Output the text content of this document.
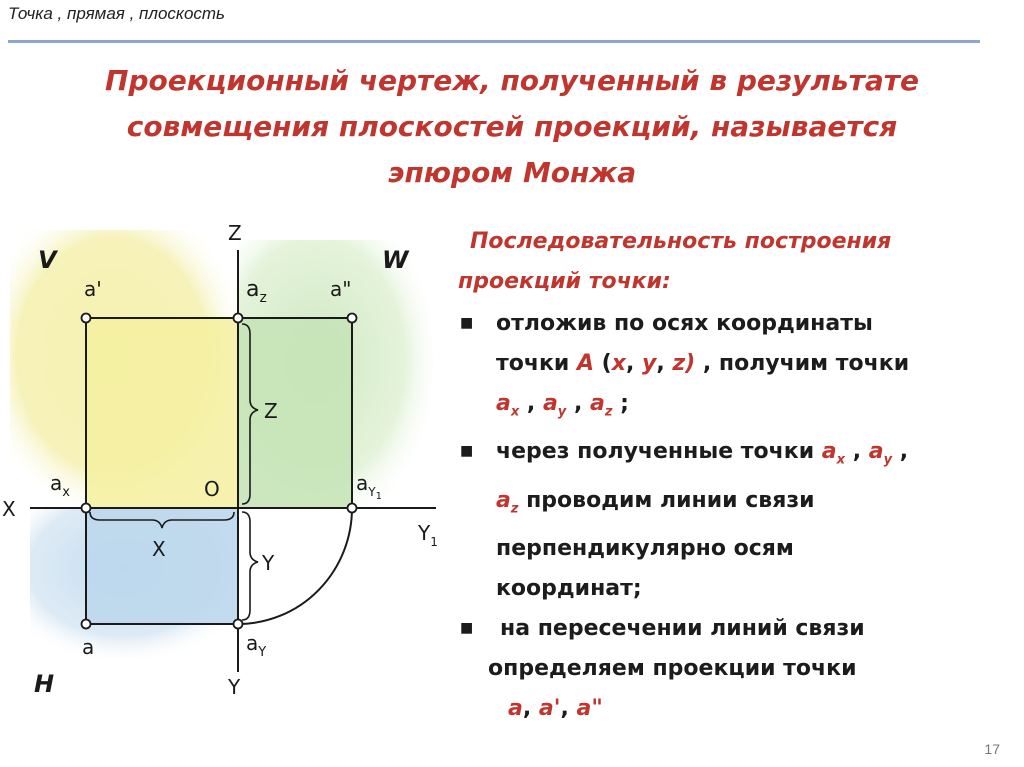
Точка , прямая , плоскость
Проекционный чертеж, полученный в результате
совмещения плоскостей проекций, называется
эпюром Монжа
V	W
H
Z
X
Y
$Y_1$
O
a'	a"
$a_z$
$a_x$	$a_Y1$
a	$a_Y$
Z
X
Y
Последовательность построения
проекций точки:
■ отложив по осях координаты
точки А (х, у, z) , получим точки
$a_x$ , $a_y$ , $a_z$ ;
■ через полученные точки $a_x$ , $a_y$ ,
$a_z$ проводим линии связи
перпендикулярно осям
координат;
■ на пересечении линий связи
определяем проекции точки
a, a', a"
17
